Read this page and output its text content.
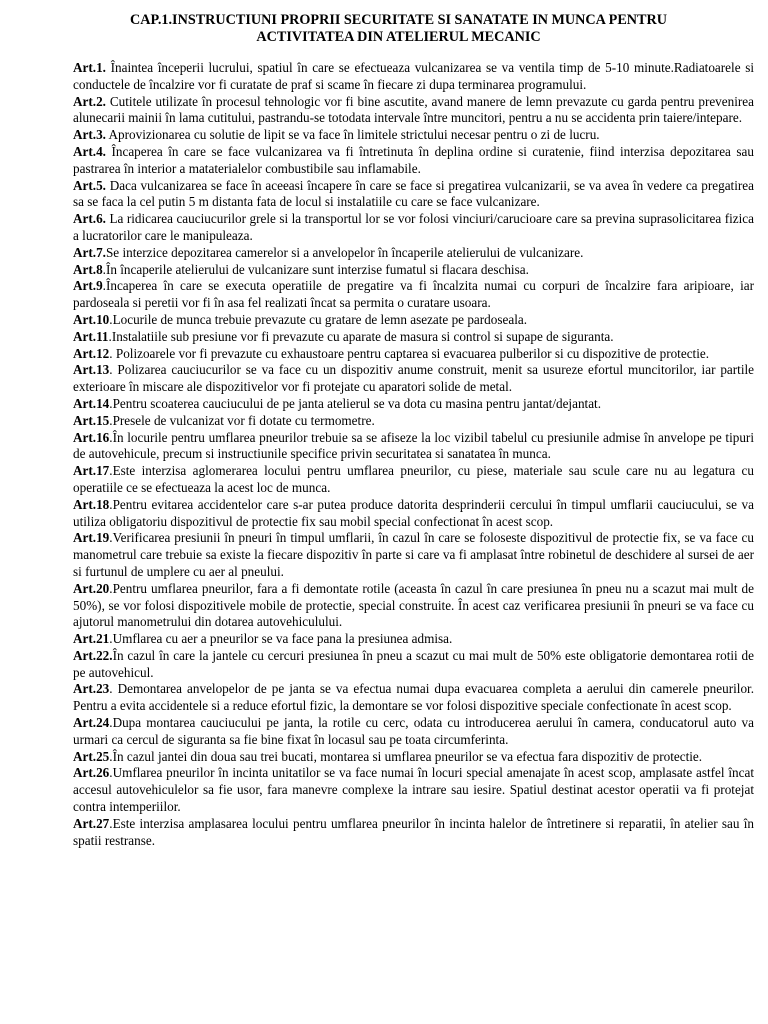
CAP.1.INSTRUCTIUNI PROPRII SECURITATE SI SANATATE IN MUNCA PENTRU
ACTIVITATEA DIN ATELIERUL MECANIC

Art.1. Înaintea începerii lucrului, spatiul în care se efectueaza vulcanizarea se va ventila timp de 5-10 minute.Radiatoarele si conductele de încalzire vor fi curatate de praf si scame în fiecare zi dupa terminarea programului.

Art.2. Cutitele utilizate în procesul tehnologic vor fi bine ascutite, avand manere de lemn prevazute cu garda pentru prevenirea alunecarii mainii în lama cutitului, pastrandu-se totodata intervale între muncitori, pentru a nu se accidenta prin taiere/intepare.

Art.3. Aprovizionarea cu solutie de lipit se va face în limitele strictului necesar pentru o zi de lucru.

Art.4. Încaperea în care se face vulcanizarea va fi întretinuta în deplina ordine si curatenie, fiind interzisa depozitarea sau pastrarea în interior a mataterialelor combustibile sau inflamabile.

Art.5. Daca vulcanizarea se face în aceeasi încapere în care se face si pregatirea vulcanizarii, se va avea în vedere ca pregatirea sa se faca la cel putin 5 m distanta fata de locul si instalatiile cu care se face vulcanizare.

Art.6. La ridicarea cauciucurilor grele si la transportul lor se vor folosi vinciuri/carucioare care sa previna suprasolicitarea fizica a lucratorilor care le manipuleaza.

Art.7.Se interzice depozitarea camerelor si a anvelopelor în încaperile atelierului de vulcanizare.

Art.8.În încaperile atelierului de vulcanizare sunt interzise fumatul si flacara deschisa.

Art.9.Încaperea în care se executa operatiile de pregatire va fi încalzita numai cu corpuri de încalzire fara aripioare, iar pardoseala si peretii vor fi în asa fel realizati încat sa permita o curatare usoara.

Art.10.Locurile de munca trebuie prevazute cu gratare de lemn asezate pe pardoseala.

Art.11.Instalatiile sub presiune vor fi prevazute cu aparate de masura si control si supape de siguranta.

Art.12. Polizoarele vor fi prevazute cu exhaustoare pentru captarea si evacuarea pulberilor si cu dispozitive de protectie.

Art.13. Polizarea cauciucurilor se va face cu un dispozitiv anume construit, menit sa usureze efortul muncitorilor, iar partile exterioare în miscare ale dispozitivelor vor fi protejate cu aparatori solide de metal.

Art.14.Pentru scoaterea cauciucului de pe janta atelierul se va dota cu masina pentru jantat/dejantat.

Art.15.Presele de vulcanizat vor fi dotate cu termometre.

Art.16.În locurile pentru umflarea pneurilor trebuie sa se afiseze la loc vizibil tabelul cu presiunile admise în anvelope pe tipuri de autovehicule, precum si instructiunile specifice privin securitatea si sanatatea în munca.

Art.17.Este interzisa aglomerarea locului pentru umflarea pneurilor, cu piese, materiale sau scule care nu au legatura cu operatiile ce se efectueaza la acest loc de munca.

Art.18.Pentru evitarea accidentelor care s-ar putea produce datorita desprinderii cercului în timpul umflarii cauciucului, se va utiliza obligatoriu dispozitivul de protectie fix sau mobil special confectionat în acest scop.

Art.19.Verificarea presiunii în pneuri în timpul umflarii, în cazul în care se foloseste dispozitivul de protectie fix, se va face cu manometrul care trebuie sa existe la fiecare dispozitiv în parte si care va fi amplasat între robinetul de deschidere al sursei de aer si furtunul de umplere cu aer al pneului.

Art.20.Pentru umflarea pneurilor, fara a fi demontate rotile (aceasta în cazul în care presiunea în pneu nu a scazut mai mult de 50%), se vor folosi dispozitivele mobile de protectie, special construite. În acest caz verificarea presiunii în pneuri se va face cu ajutorul manometrului din dotarea autovehiculului.

Art.21.Umflarea cu aer a pneurilor se va face pana la presiunea admisa.

Art.22.În cazul în care la jantele cu cercuri presiunea în pneu a scazut cu mai mult de 50% este obligatorie demontarea rotii de pe autovehicul.

Art.23. Demontarea anvelopelor de pe janta se va efectua numai dupa evacuarea completa a aerului din camerele pneurilor. Pentru a evita accidentele si a reduce efortul fizic, la demontare se vor folosi dispozitive speciale confectionate în acest scop.

Art.24.Dupa montarea cauciucului pe janta, la rotile cu cerc, odata cu introducerea aerului în camera, conducatorul auto va urmari ca cercul de siguranta sa fie bine fixat în locasul sau pe toata circumferinta.

Art.25.În cazul jantei din doua sau trei bucati, montarea si umflarea pneurilor se va efectua fara dispozitiv de protectie.

Art.26.Umflarea pneurilor în incinta unitatilor se va face numai în locuri special amenajate în acest scop, amplasate astfel încat accesul autovehiculelor sa fie usor, fara manevre complexe la intrare sau iesire. Spatiul destinat acestor operatii va fi protejat contra intemperiilor.

Art.27.Este interzisa amplasarea locului pentru umflarea pneurilor în incinta halelor de întretinere si reparatii, în atelier sau în spatii restranse.
